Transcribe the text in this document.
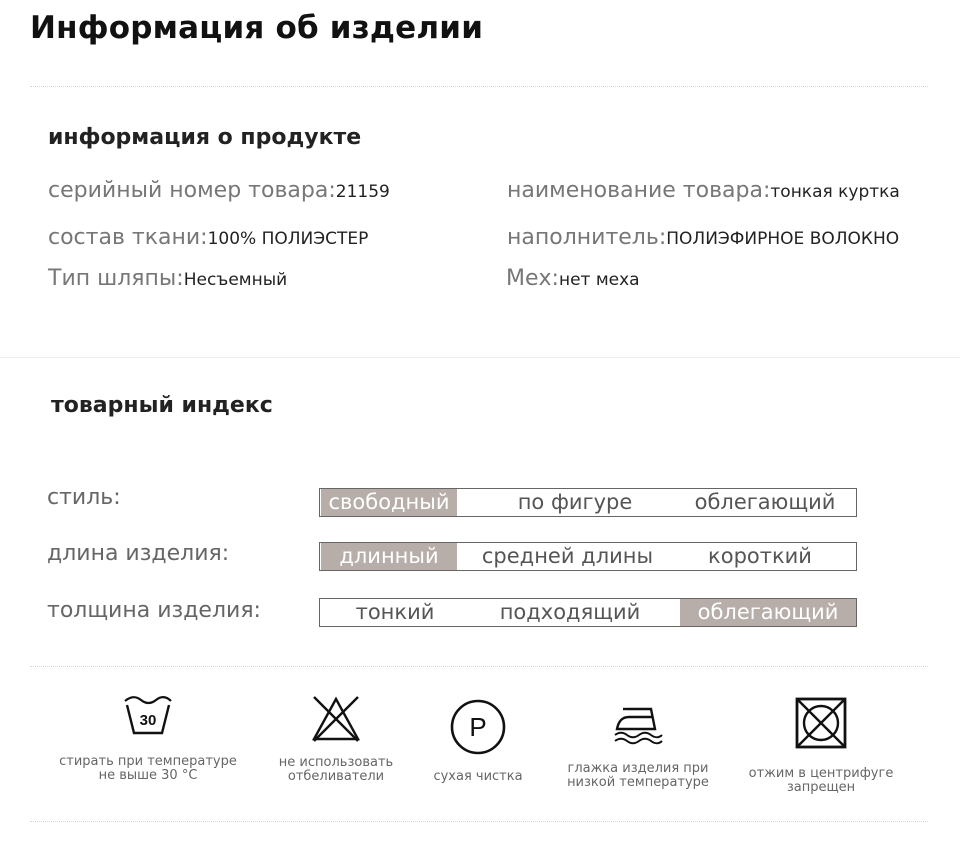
Информация об изделии
информация о продукте
серийный номер товара:21159	наименование товара:тонкая куртка
состав ткани:100% ПОЛИЭСТЕР	наполнитель:ПОЛИЭФИРНОЕ ВОЛОКНО
Тип шляпы:Несъемный	Мех:нет меха
товарный индекс
стиль:	свободный	по фигуре	облегающий
длина изделия:	длинный	средней длины	короткий
толщина изделия:	тонкий	подходящий	облегающий
30
стирать при температуре
не выше 30 °C
не использовать
отбеливатели
P
сухая чистка
глажка изделия при
низкой температуре
отжим в центрифуге
запрещен
